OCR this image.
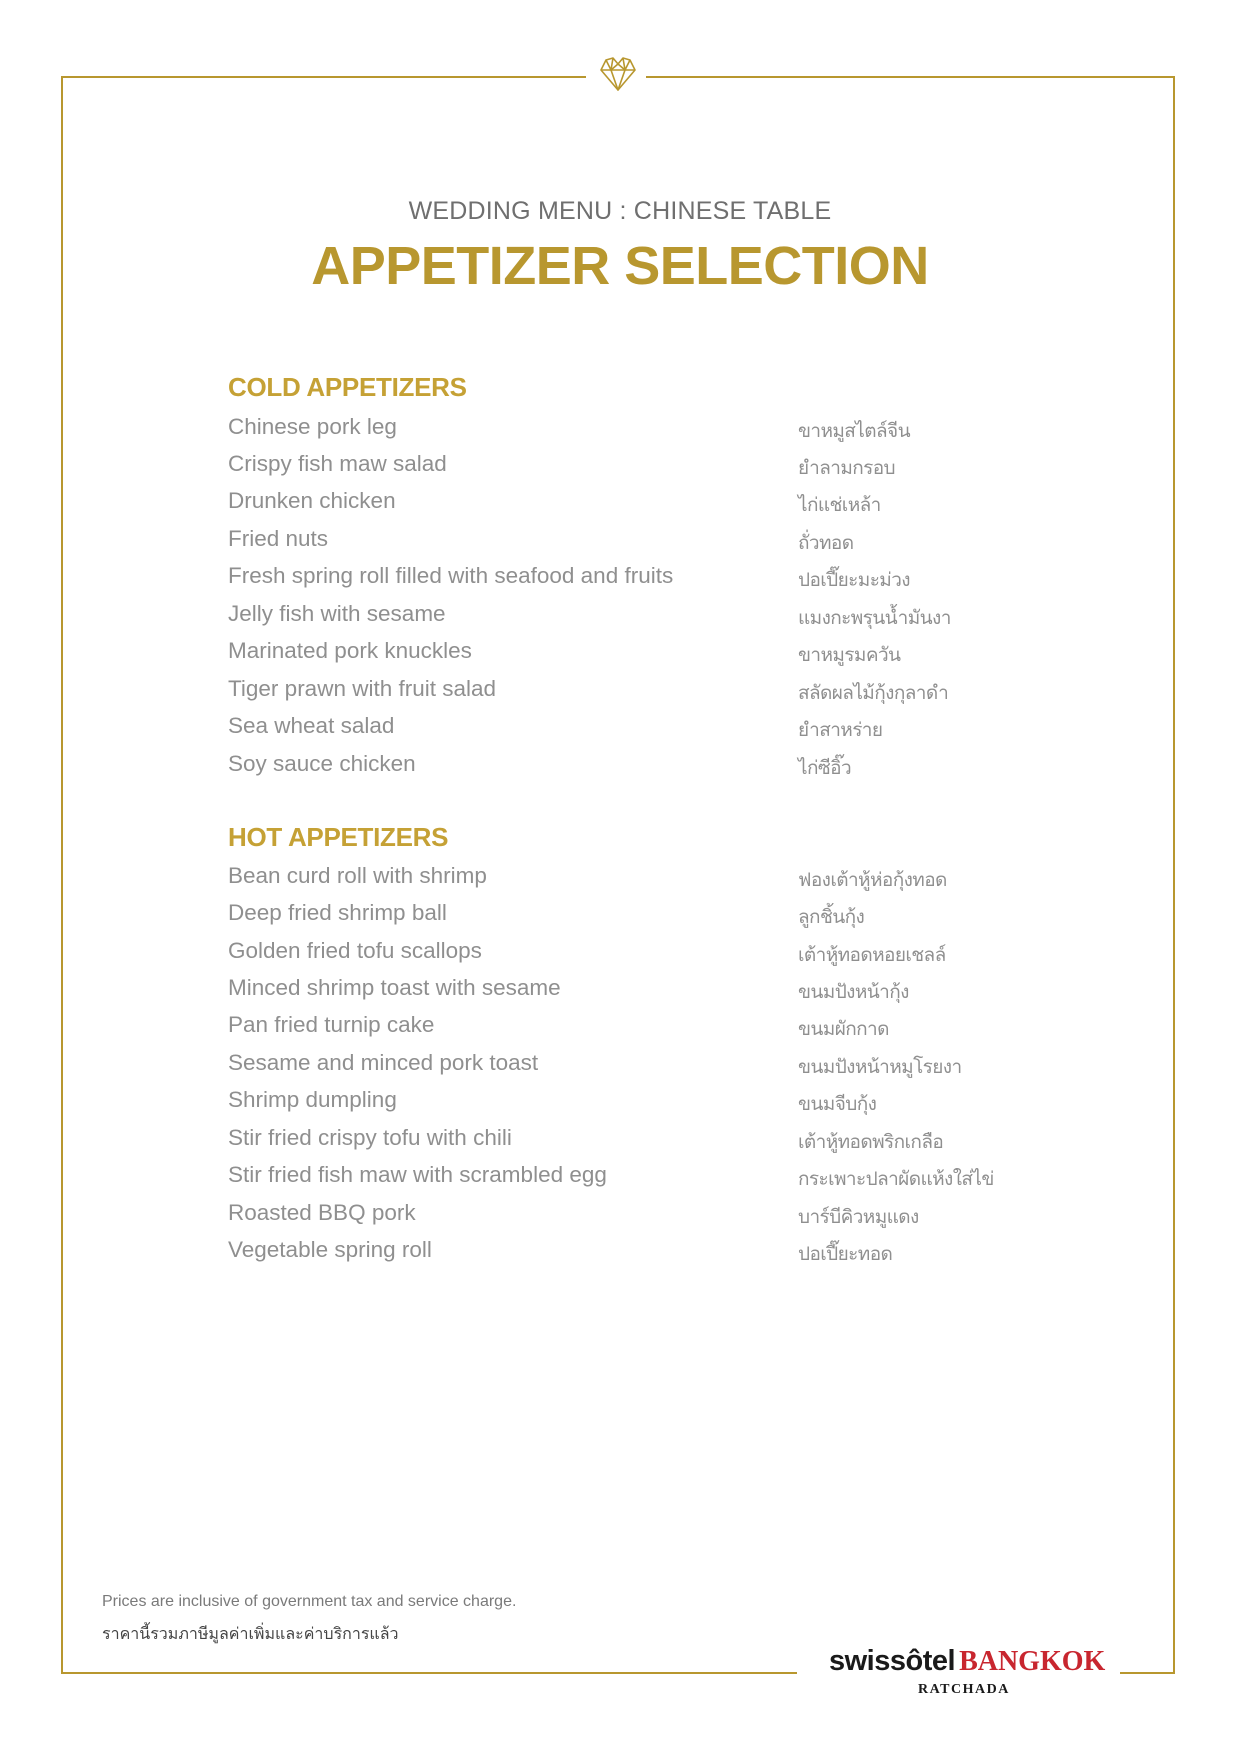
WEDDING MENU : CHINESE TABLE
APPETIZER SELECTION
COLD APPETIZERS
Chinese pork leg	ขาหมูสไตล์จีน
Crispy fish maw salad	ยำลามกรอบ
Drunken chicken	ไก่แช่เหล้า
Fried nuts	ถั่วทอด
Fresh spring roll filled with seafood and fruits	ปอเปี๊ยะมะม่วง
Jelly fish with sesame	แมงกะพรุนน้ำมันงา
Marinated pork knuckles	ขาหมูรมควัน
Tiger prawn with fruit salad	สลัดผลไม้กุ้งกุลาดำ
Sea wheat salad	ยำสาหร่าย
Soy sauce chicken	ไก่ซีอิ๊ว
HOT APPETIZERS
Bean curd roll with shrimp	ฟองเต้าหู้ห่อกุ้งทอด
Deep fried shrimp ball	ลูกชิ้นกุ้ง
Golden fried tofu scallops	เต้าหู้ทอดหอยเชลล์
Minced shrimp toast with sesame	ขนมปังหน้ากุ้ง
Pan fried turnip cake	ขนมผักกาด
Sesame and minced pork toast	ขนมปังหน้าหมูโรยงา
Shrimp dumpling	ขนมจีบกุ้ง
Stir fried crispy tofu with chili	เต้าหู้ทอดพริกเกลือ
Stir fried fish maw with scrambled egg	กระเพาะปลาผัดแห้งใส่ไข่
Roasted BBQ pork	บาร์บีคิวหมูแดง
Vegetable spring roll	ปอเปี๊ยะทอด
Prices are inclusive of government tax and service charge.
ราคานี้รวมภาษีมูลค่าเพิ่มและค่าบริการแล้ว
swissôtel BANGKOK
RATCHADA
